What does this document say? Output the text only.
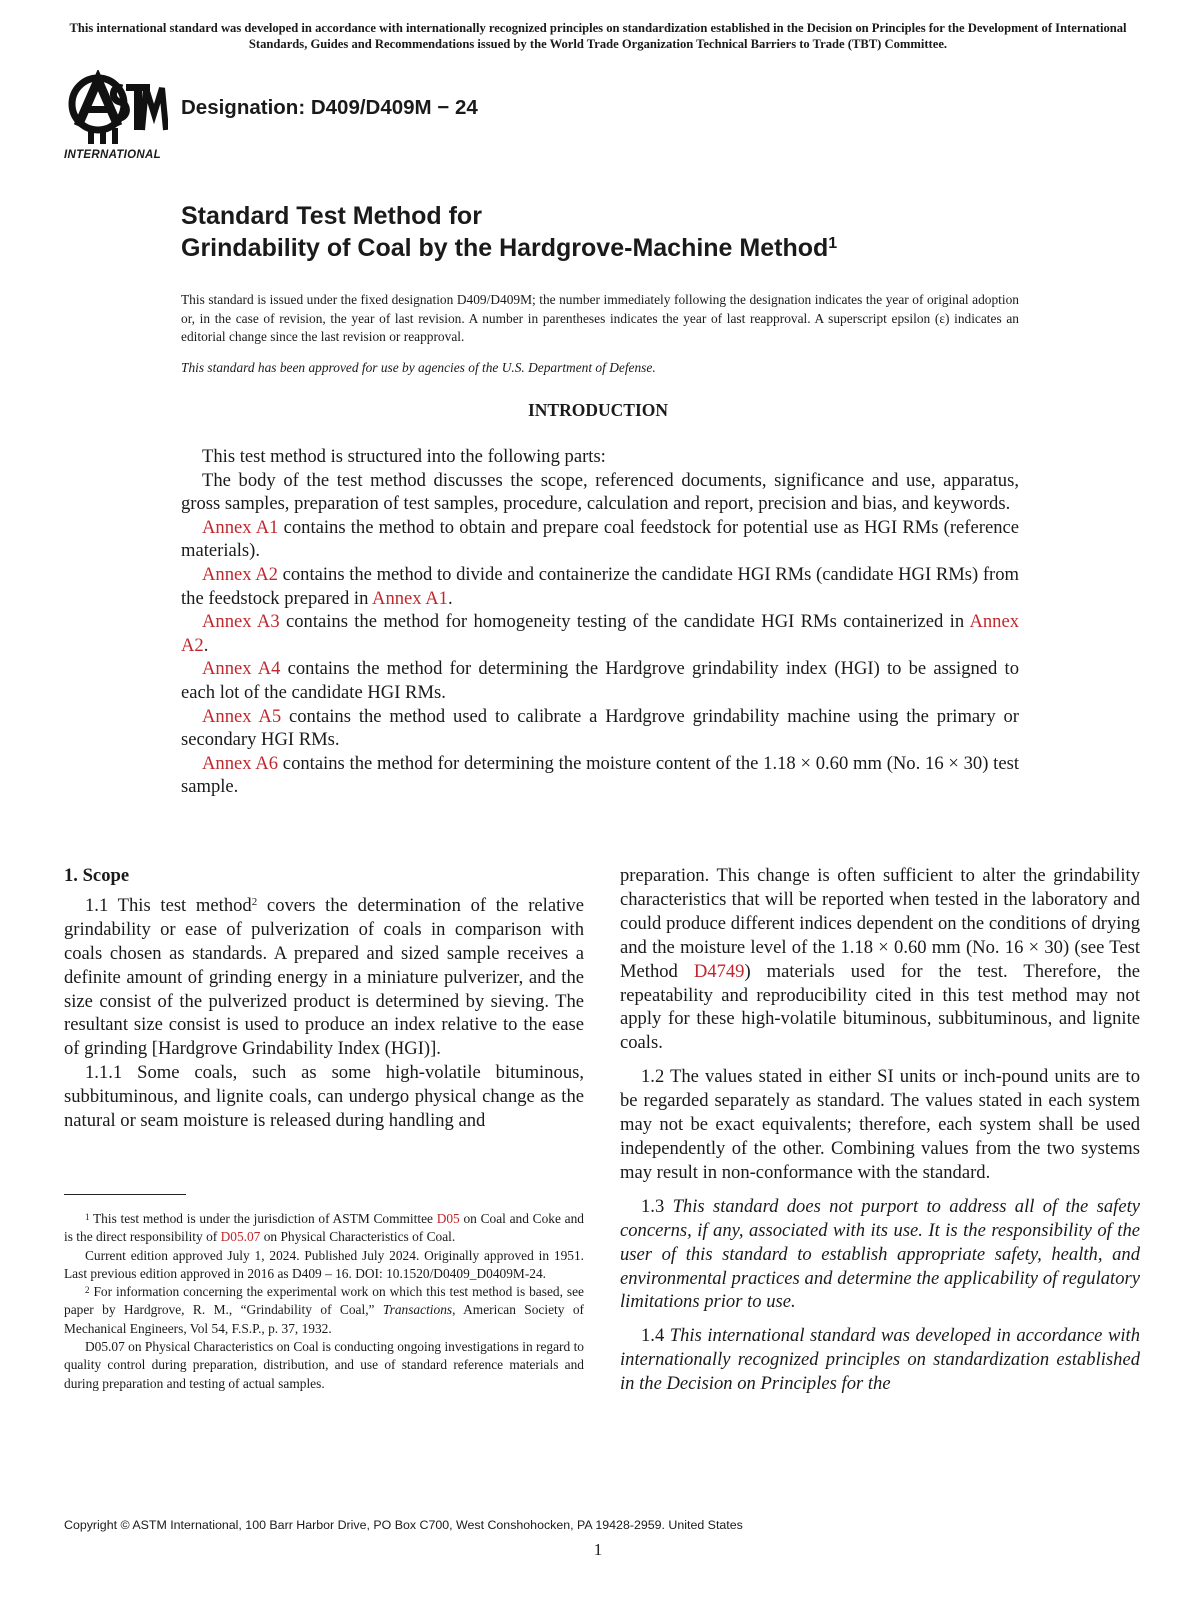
This international standard was developed in accordance with internationally recognized principles on standardization established in the Decision on Principles for the Development of International Standards, Guides and Recommendations issued by the World Trade Organization Technical Barriers to Trade (TBT) Committee.
INTERNATIONAL
Designation: D409/D409M − 24
Standard Test Method for
Grindability of Coal by the Hardgrove-Machine Method$^1$
This standard is issued under the fixed designation D409/D409M; the number immediately following the designation indicates the year of original adoption or, in the case of revision, the year of last revision. A number in parentheses indicates the year of last reapproval. A superscript epsilon (ε) indicates an editorial change since the last revision or reapproval.
This standard has been approved for use by agencies of the U.S. Department of Defense.
INTRODUCTION

This test method is structured into the following parts:

The body of the test method discusses the scope, referenced documents, significance and use, apparatus, gross samples, preparation of test samples, procedure, calculation and report, precision and bias, and keywords.

Annex A1 contains the method to obtain and prepare coal feedstock for potential use as HGI RMs (reference materials).

Annex A2 contains the method to divide and containerize the candidate HGI RMs (candidate HGI RMs) from the feedstock prepared in Annex A1.

Annex A3 contains the method for homogeneity testing of the candidate HGI RMs containerized in Annex A2.

Annex A4 contains the method for determining the Hardgrove grindability index (HGI) to be assigned to each lot of the candidate HGI RMs.

Annex A5 contains the method used to calibrate a Hardgrove grindability machine using the primary or secondary HGI RMs.

Annex A6 contains the method for determining the moisture content of the 1.18 × 0.60 mm (No. 16 × 30) test sample.

1. Scope

1.1 This test method$^2$ covers the determination of the relative grindability or ease of pulverization of coals in comparison with coals chosen as standards. A prepared and sized sample receives a definite amount of grinding energy in a miniature pulverizer, and the size consist of the pulverized product is determined by sieving. The resultant size consist is used to produce an index relative to the ease of grinding [Hardgrove Grindability Index (HGI)].

1.1.1 Some coals, such as some high-volatile bituminous, subbituminous, and lignite coals, can undergo physical change as the natural or seam moisture is released during handling and

preparation. This change is often sufficient to alter the grindability characteristics that will be reported when tested in the laboratory and could produce different indices dependent on the conditions of drying and the moisture level of the 1.18 × 0.60 mm (No. 16 × 30) (see Test Method D4749) materials used for the test. Therefore, the repeatability and reproducibility cited in this test method may not apply for these high-volatile bituminous, subbituminous, and lignite coals.

1.2 The values stated in either SI units or inch-pound units are to be regarded separately as standard. The values stated in each system may not be exact equivalents; therefore, each system shall be used independently of the other. Combining values from the two systems may result in non-conformance with the standard.

1.3 This standard does not purport to address all of the safety concerns, if any, associated with its use. It is the responsibility of the user of this standard to establish appropriate safety, health, and environmental practices and determine the applicability of regulatory limitations prior to use.

1.4 This international standard was developed in accordance with internationally recognized principles on standardization established in the Decision on Principles for the

$^1$ This test method is under the jurisdiction of ASTM Committee D05 on Coal and Coke and is the direct responsibility of D05.07 on Physical Characteristics of Coal.

Current edition approved July 1, 2024. Published July 2024. Originally approved in 1951. Last previous edition approved in 2016 as D409 – 16. DOI: 10.1520/D0409_D0409M-24.

$^2$ For information concerning the experimental work on which this test method is based, see paper by Hardgrove, R. M., “Grindability of Coal,” Transactions, American Society of Mechanical Engineers, Vol 54, F.S.P., p. 37, 1932.

D05.07 on Physical Characteristics on Coal is conducting ongoing investigations in regard to quality control during preparation, distribution, and use of standard reference materials and during preparation and testing of actual samples.

Copyright © ASTM International, 100 Barr Harbor Drive, PO Box C700, West Conshohocken, PA 19428-2959. United States
1
